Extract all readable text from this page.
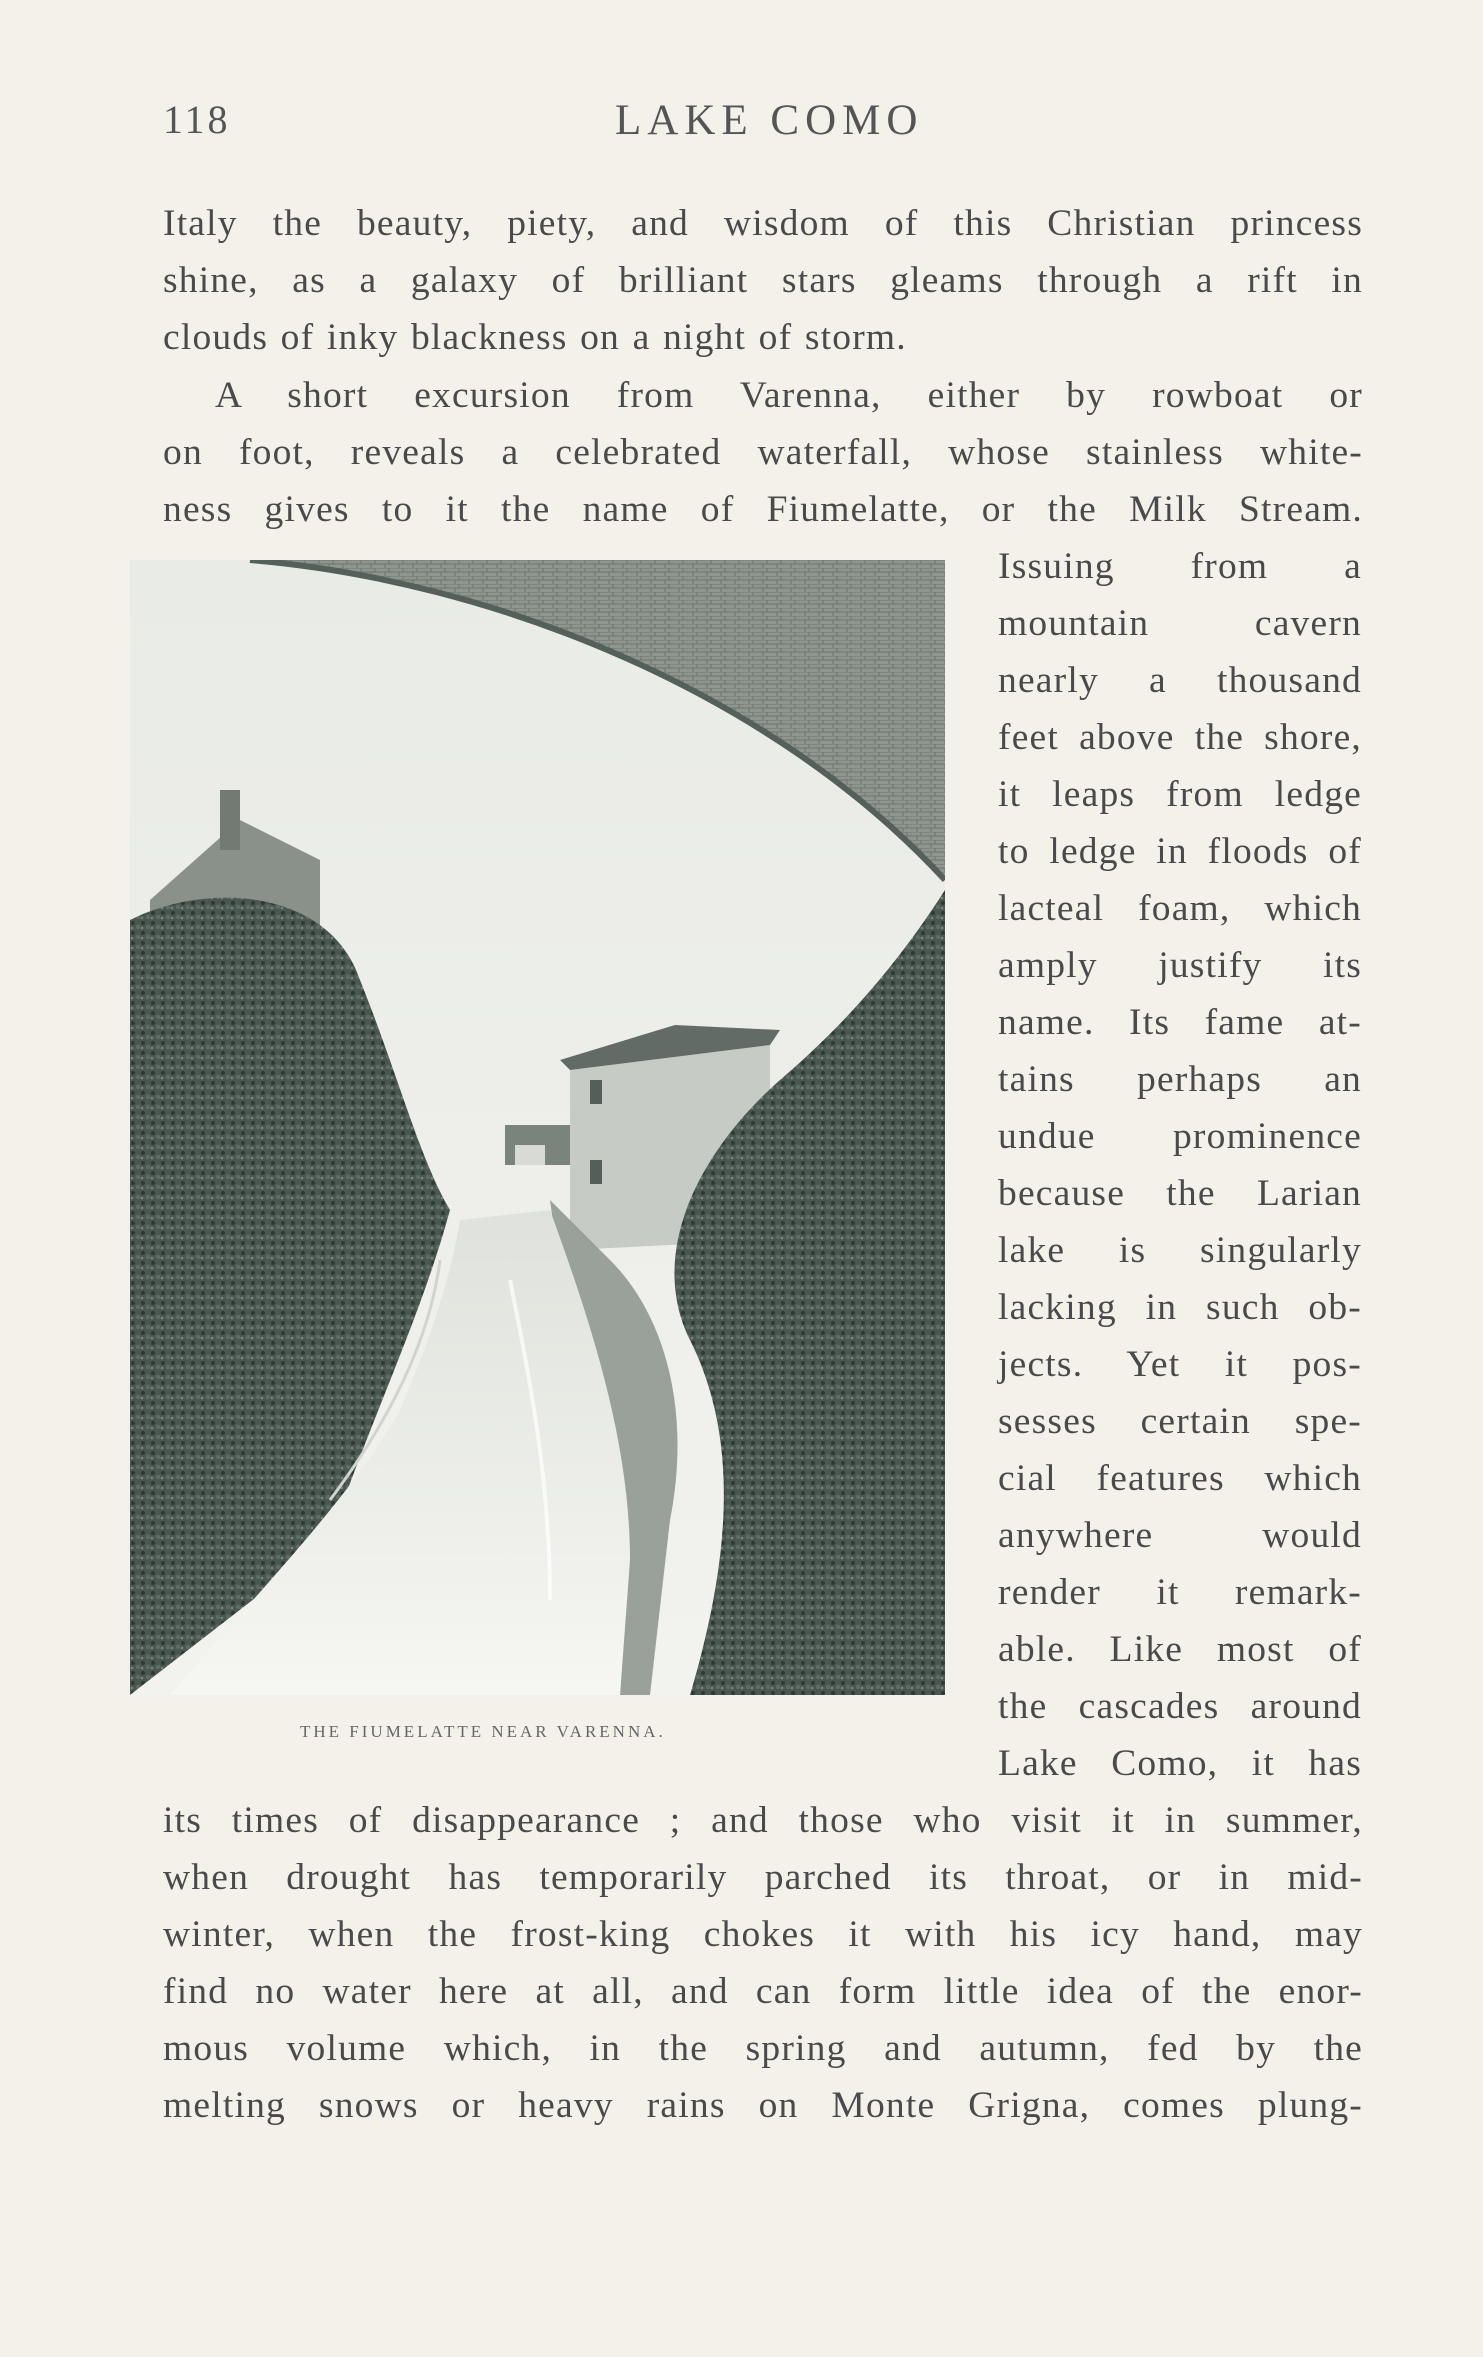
118	LAKE COMO
Italy the beauty, piety, and wisdom of this Christian princess
shine, as a galaxy of brilliant stars gleams through a rift in
clouds of inky blackness on a night of storm.
A short excursion from Varenna, either by rowboat or
on foot, reveals a celebrated waterfall, whose stainless white-
ness gives to it the name of Fiumelatte, or the Milk Stream.
Issuing from a
mountain cavern
nearly a thousand
feet above the shore,
it leaps from ledge
to ledge in floods of
lacteal foam, which
amply justify its
name. Its fame at-
tains perhaps an
undue prominence
because the Larian
lake is singularly
lacking in such ob-
jects. Yet it pos-
sesses certain spe-
cial features which
anywhere would
render it remark-
able. Like most of
the cascades around
Lake Como, it has
its times of disappearance ; and those who visit it in summer,
when drought has temporarily parched its throat, or in mid-
winter, when the frost-king chokes it with his icy hand, may
find no water here at all, and can form little idea of the enor-
mous volume which, in the spring and autumn, fed by the
melting snows or heavy rains on Monte Grigna, comes plung-
THE FIUMELATTE NEAR VARENNA.
